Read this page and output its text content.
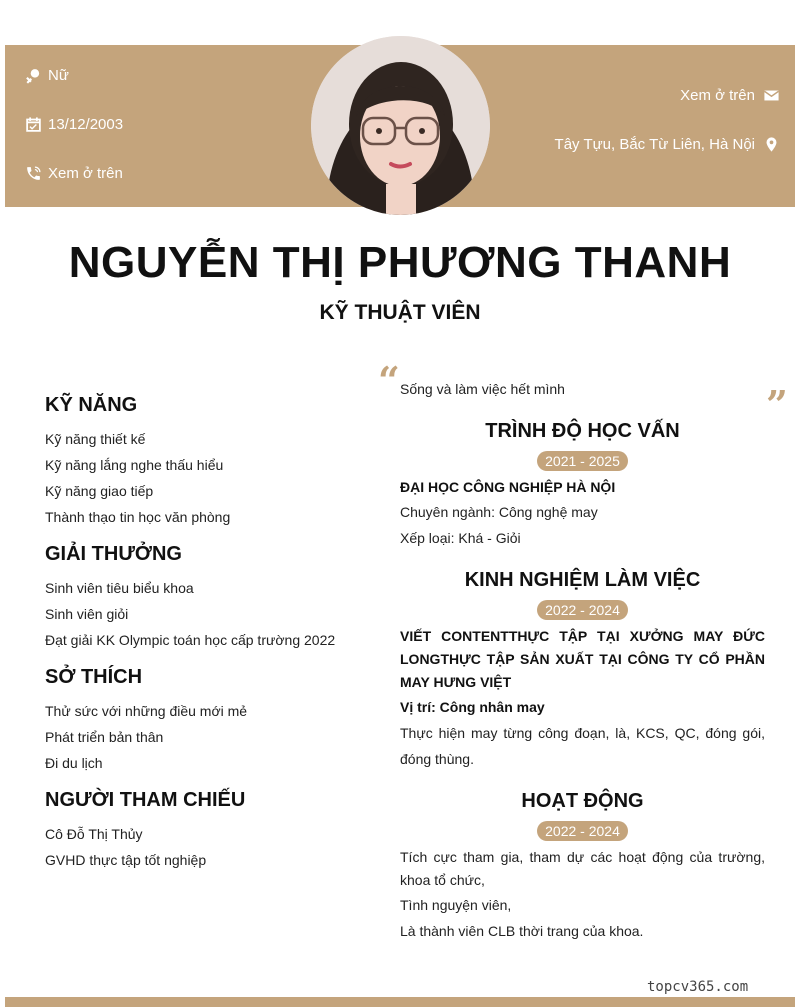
Nữ
13/12/2003
Xem ở trên
Xem ở trên
Tây Tựu, Bắc Từ Liên, Hà Nội
NGUYỄN THỊ PHƯƠNG THANH
KỸ THUẬT VIÊN
KỸ NĂNG
Kỹ năng thiết kế
Kỹ năng lắng nghe thấu hiểu
Kỹ năng giao tiếp
Thành thạo tin học văn phòng
GIẢI THƯỞNG
Sinh viên tiêu biểu khoa
Sinh viên giỏi
Đạt giải KK Olympic toán học cấp trường 2022
SỞ THÍCH
Thử sức với những điều mới mẻ
Phát triển bản thân
Đi du lịch
NGƯỜI THAM CHIẾU
Cô Đỗ Thị Thủy
GVHD thực tập tốt nghiệp
“ Sống và làm việc hết mình	”
TRÌNH ĐỘ HỌC VẤN
2021 - 2025
ĐẠI HỌC CÔNG NGHIỆP HÀ NỘI
Chuyên ngành: Công nghệ may
Xếp loại: Khá - Giỏi
KINH NGHIỆM LÀM VIỆC
2022 - 2024
VIẾT CONTENTTHỰC TẬP TẠI XƯỞNG MAY ĐỨC LONGTHỰC TẬP SẢN XUẤT TẠI CÔNG TY CỔ PHẦN MAY HƯNG VIỆT
Vị trí: Công nhân may
Thực hiện may từng công đoạn, là, KCS, QC, đóng gói, đóng thùng.
HOẠT ĐỘNG
2022 - 2024
Tích cực tham gia, tham dự các hoạt động của trường, khoa tổ chức,
Tình nguyện viên,
Là thành viên CLB thời trang của khoa.
topcv365.com
